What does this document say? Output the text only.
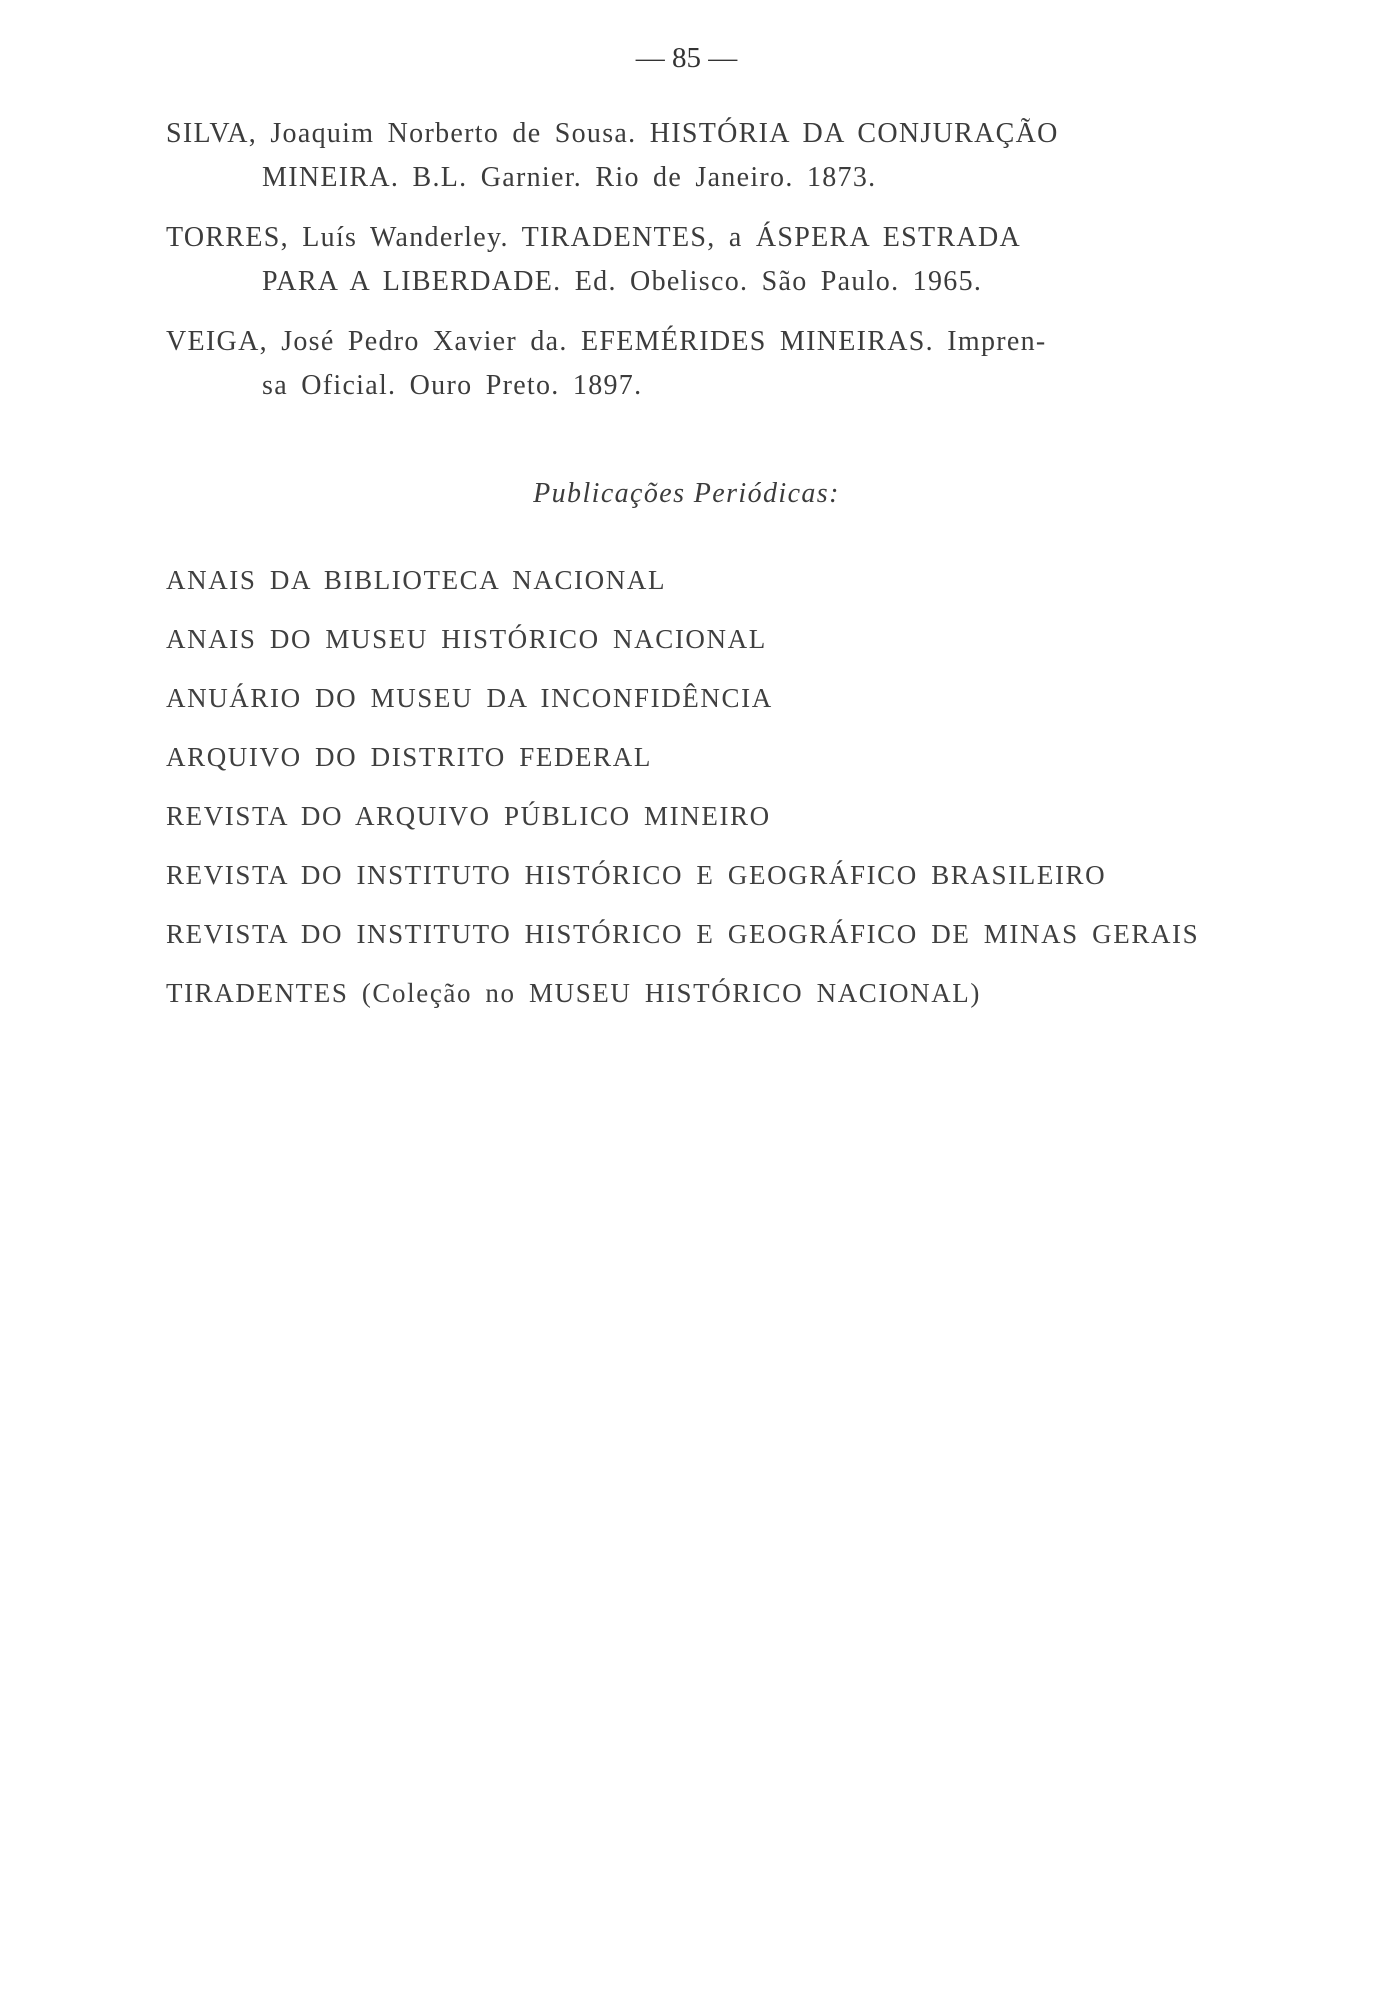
— 85 —

SILVA, Joaquim Norberto de Sousa. HISTÓRIA DA CONJURAÇÃO
MINEIRA. B.L. Garnier. Rio de Janeiro. 1873.

TORRES, Luís Wanderley. TIRADENTES, a ÁSPERA ESTRADA
PARA A LIBERDADE. Ed. Obelisco. São Paulo. 1965.

VEIGA, José Pedro Xavier da. EFEMÉRIDES MINEIRAS. Impren-
sa Oficial. Ouro Preto. 1897.

Publicações Periódicas:
ANAIS DA BIBLIOTECA NACIONAL
ANAIS DO MUSEU HISTÓRICO NACIONAL
ANUÁRIO DO MUSEU DA INCONFIDÊNCIA
ARQUIVO DO DISTRITO FEDERAL
REVISTA DO ARQUIVO PÚBLICO MINEIRO
REVISTA DO INSTITUTO HISTÓRICO E GEOGRÁFICO BRASILEIRO
REVISTA DO INSTITUTO HISTÓRICO E GEOGRÁFICO DE MINAS GERAIS
TIRADENTES (Coleção no MUSEU HISTÓRICO NACIONAL)
